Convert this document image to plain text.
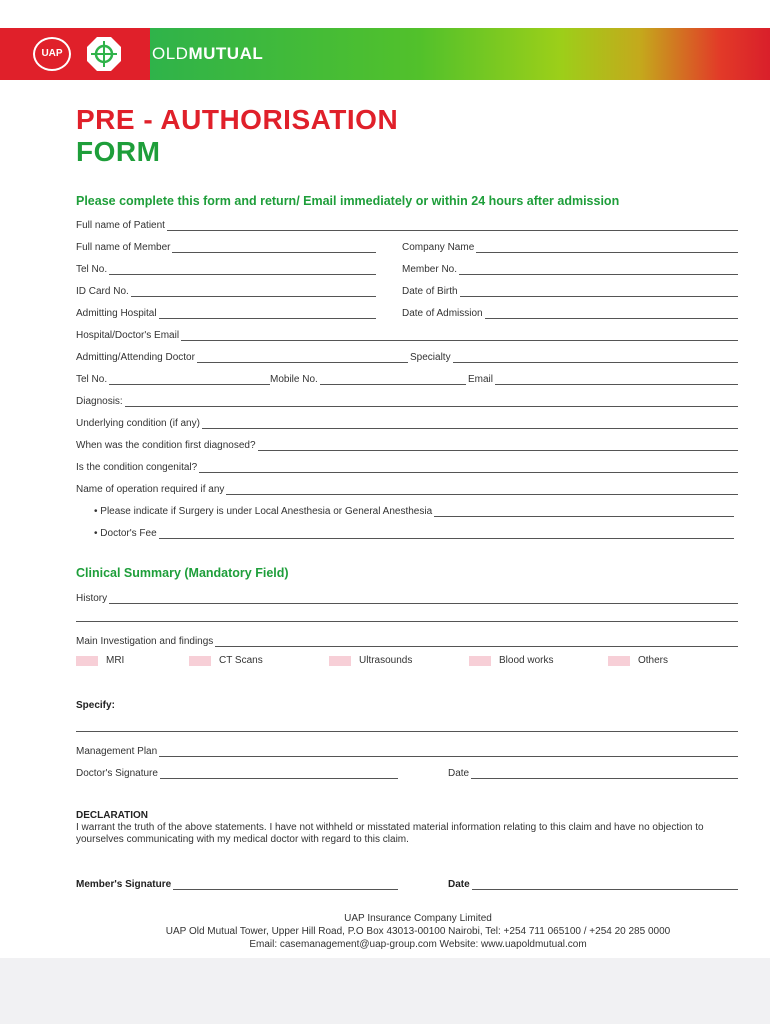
UAP	OLDMUTUAL
PRE - AUTHORISATION
FORM
Please complete this form and return/ Email immediately or within 24 hours after admission
Full name of Patient
Full name of Member	Company Name
Tel No.	Member No.
ID Card No.	Date of Birth
Admitting Hospital	Date of Admission
Hospital/Doctor's Email
Admitting/Attending Doctor	Specialty
Tel No.	Mobile No.	Email
Diagnosis:
Underlying condition (if any)
When was the condition first diagnosed?
Is the condition congenital?
Name of operation required if any
• Please indicate if Surgery is under Local Anesthesia or General Anesthesia
• Doctor's Fee
Clinical Summary (Mandatory Field)
History
Main Investigation and findings
MRI	CT Scans	Ultrasounds	Blood works	Others
Specify:
Management Plan
Doctor's Signature	Date
DECLARATION
I warrant the truth of the above statements. I have not withheld or misstated material information relating to this claim and have no objection to yourselves communicating with my medical doctor with regard to this claim.
Member's Signature	Date
UAP Insurance Company Limited
UAP Old Mutual Tower, Upper Hill Road, P.O Box 43013-00100 Nairobi, Tel: +254 711 065100 / +254 20 285 0000
Email: casemanagement@uap-group.com Website: www.uapoldmutual.com
